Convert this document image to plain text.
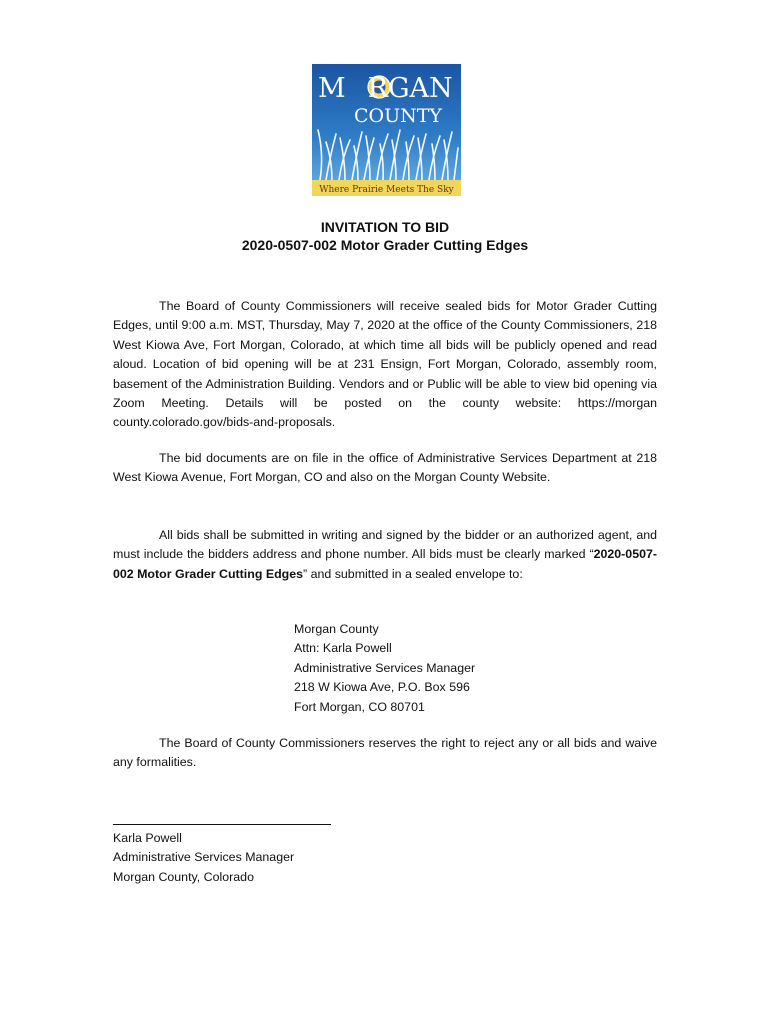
M RGAN
COUNTY
Where Prairie Meets The Sky
INVITATION TO BID
2020-0507-002 Motor Grader Cutting Edges

The Board of County Commissioners will receive sealed bids for Motor Grader Cutting Edges, until 9:00 a.m. MST, Thursday, May 7, 2020 at the office of the County Commissioners, 218 West Kiowa Ave, Fort Morgan, Colorado, at which time all bids will be publicly opened and read aloud. Location of bid opening will be at 231 Ensign, Fort Morgan, Colorado, assembly room, basement of the Administration Building. Vendors and or Public will be able to view bid opening via Zoom Meeting. Details will be posted on the county website: https://morgan county.colorado.gov/bids-and-proposals.

The bid documents are on file in the office of Administrative Services Department at 218 West Kiowa Avenue, Fort Morgan, CO and also on the Morgan County Website.

All bids shall be submitted in writing and signed by the bidder or an authorized agent, and must include the bidders address and phone number. All bids must be clearly marked “2020-0507-002 Motor Grader Cutting Edges” and submitted in a sealed envelope to:

Morgan County
Attn: Karla Powell
Administrative Services Manager
218 W Kiowa Ave, P.O. Box 596
Fort Morgan, CO 80701

The Board of County Commissioners reserves the right to reject any or all bids and waive any formalities.

Karla Powell
Administrative Services Manager
Morgan County, Colorado
